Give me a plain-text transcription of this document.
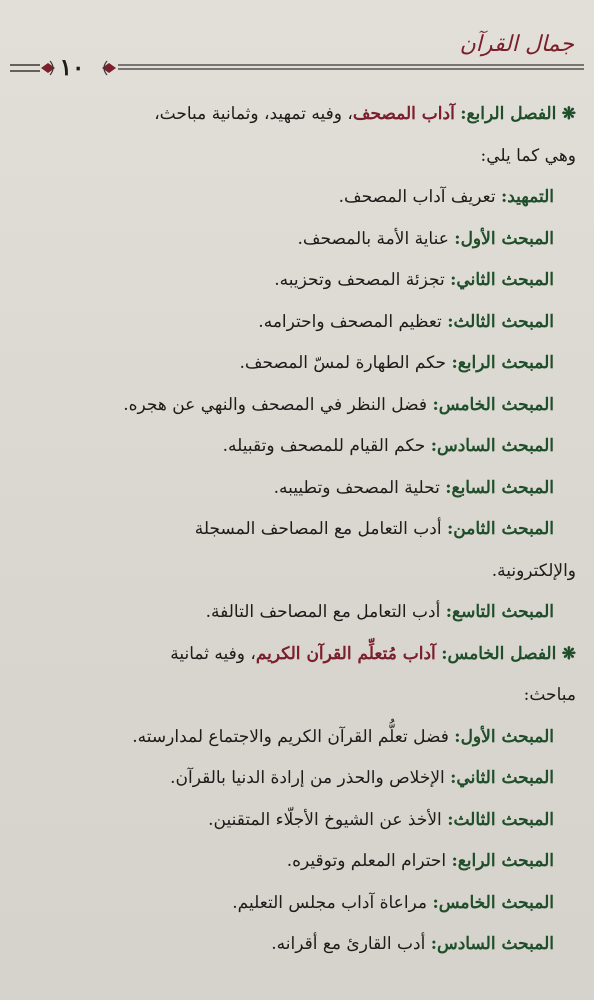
جمال القرآن
١٠
❋ الفصل الرابع: آداب المصحف، وفيه تمهيد، وثمانية مباحث،
وهي كما يلي:
التمهيد: تعريف آداب المصحف.
المبحث الأول: عناية الأمة بالمصحف.
المبحث الثاني: تجزئة المصحف وتحزيبه.
المبحث الثالث: تعظيم المصحف واحترامه.
المبحث الرابع: حكم الطهارة لمسّ المصحف.
المبحث الخامس: فضل النظر في المصحف والنهي عن هجره.
المبحث السادس: حكم القيام للمصحف وتقبيله.
المبحث السابع: تحلية المصحف وتطييبه.
المبحث الثامن: أدب التعامل مع المصاحف المسجلة
والإلكترونية.
المبحث التاسع: أدب التعامل مع المصاحف التالفة.
❋ الفصل الخامس: آداب مُتعلِّم القرآن الكريم، وفيه ثمانية
مباحث:
المبحث الأول: فضل تعلُّم القرآن الكريم والاجتماع لمدارسته.
المبحث الثاني: الإخلاص والحذر من إرادة الدنيا بالقرآن.
المبحث الثالث: الأخذ عن الشيوخ الأجلّاء المتقنين.
المبحث الرابع: احترام المعلم وتوقيره.
المبحث الخامس: مراعاة آداب مجلس التعليم.
المبحث السادس: أدب القارئ مع أقرانه.
